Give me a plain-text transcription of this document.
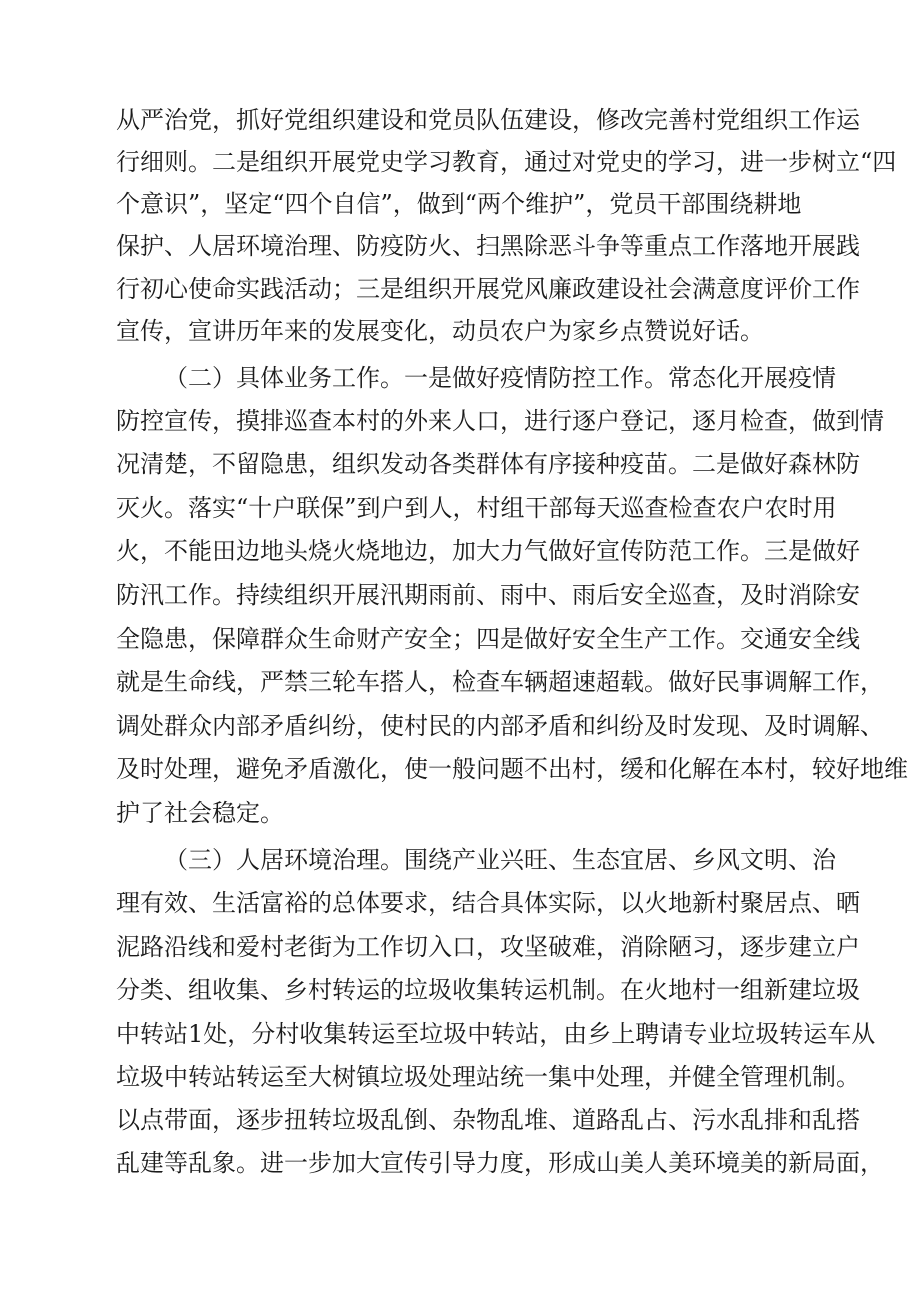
从严治党，抓好党组织建设和党员队伍建设，修改完善村党组织工作运
行细则。二是组织开展党史学习教育，通过对党史的学习，进一步树立“四
个意识”，坚定“四个自信”，做到“两个维护”，党员干部围绕耕地
保护、人居环境治理、防疫防火、扫黑除恶斗争等重点工作落地开展践
行初心使命实践活动；三是组织开展党风廉政建设社会满意度评价工作
宣传，宣讲历年来的发展变化，动员农户为家乡点赞说好话。
（二）具体业务工作。一是做好疫情防控工作。常态化开展疫情
防控宣传，摸排巡查本村的外来人口，进行逐户登记，逐月检查，做到情
况清楚，不留隐患，组织发动各类群体有序接种疫苗。二是做好森林防
灭火。落实“十户联保”到户到人，村组干部每天巡查检查农户农时用
火，不能田边地头烧火烧地边，加大力气做好宣传防范工作。三是做好
防汛工作。持续组织开展汛期雨前、雨中、雨后安全巡查，及时消除安
全隐患，保障群众生命财产安全；四是做好安全生产工作。交通安全线
就是生命线，严禁三轮车搭人，检查车辆超速超载。做好民事调解工作，
调处群众内部矛盾纠纷，使村民的内部矛盾和纠纷及时发现、及时调解、
及时处理，避免矛盾激化，使一般问题不出村，缓和化解在本村，较好地维
护了社会稳定。
（三）人居环境治理。围绕产业兴旺、生态宜居、乡风文明、治
理有效、生活富裕的总体要求，结合具体实际，以火地新村聚居点、晒
泥路沿线和爱村老街为工作切入口，攻坚破难，消除陋习，逐步建立户
分类、组收集、乡村转运的垃圾收集转运机制。在火地村一组新建垃圾
中转站1处，分村收集转运至垃圾中转站，由乡上聘请专业垃圾转运车从
垃圾中转站转运至大树镇垃圾处理站统一集中处理，并健全管理机制。
以点带面，逐步扭转垃圾乱倒、杂物乱堆、道路乱占、污水乱排和乱搭
乱建等乱象。进一步加大宣传引导力度，形成山美人美环境美的新局面，
